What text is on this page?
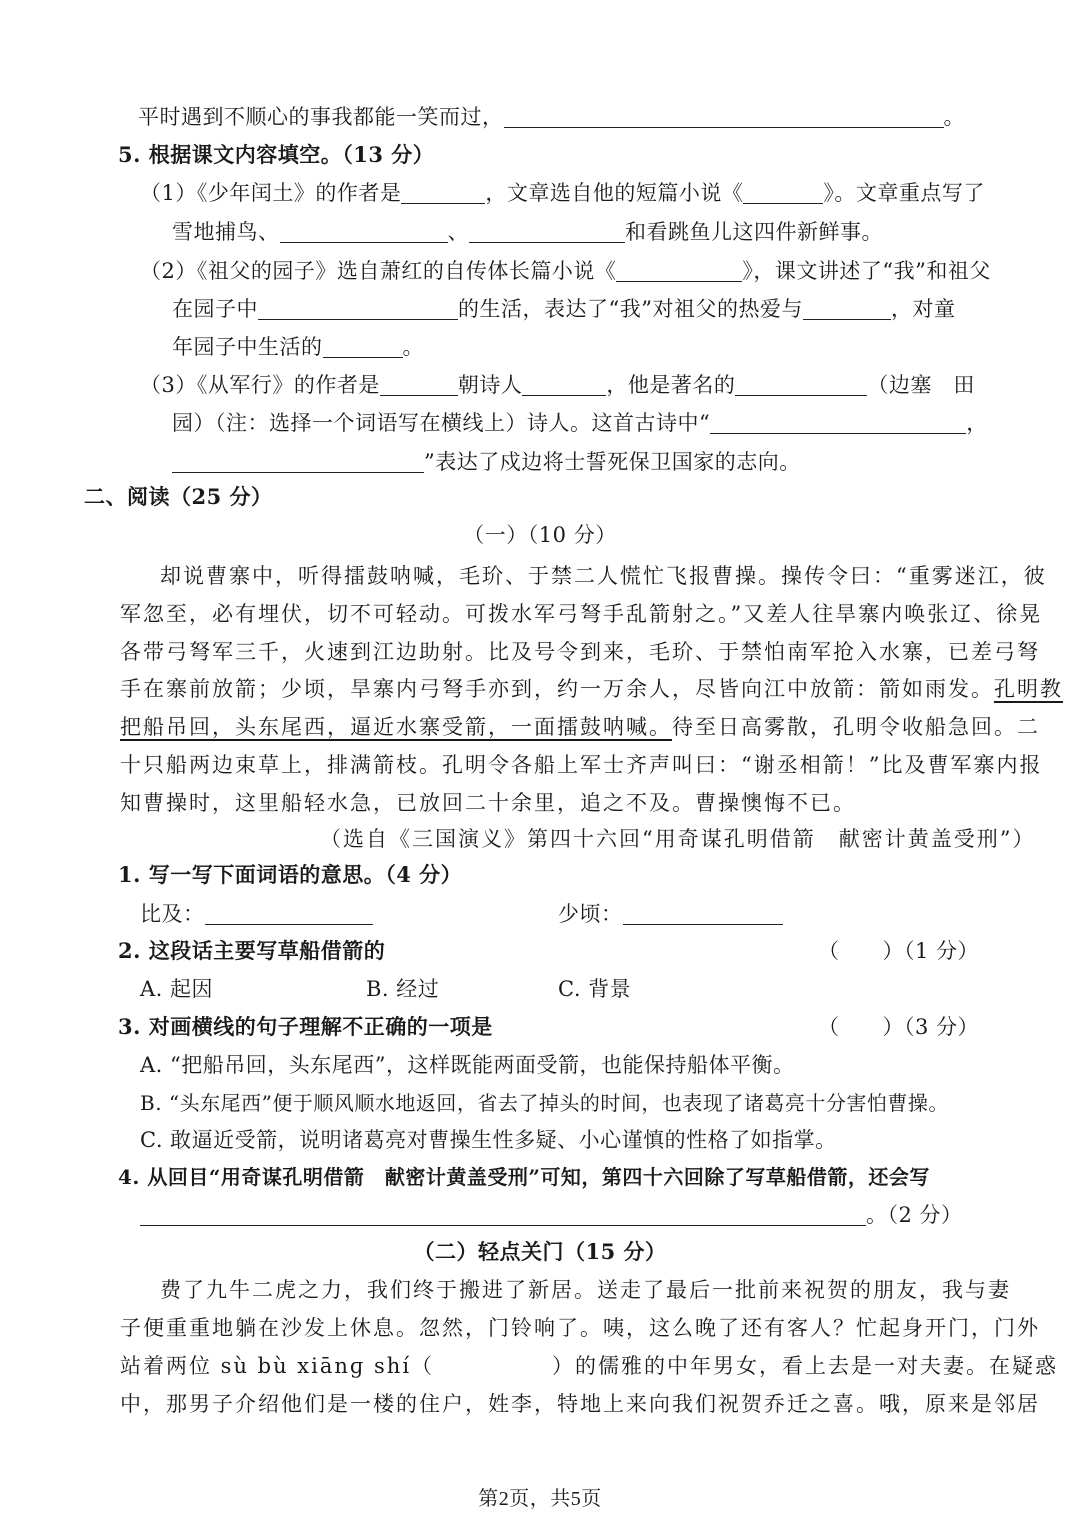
平时遇到不顺心的事我都能一笑而过，	。
5. 根据课文内容填空。（13 分）
（1）《少年闰土》的作者是	，文章选自他的短篇小说《	》。文章重点写了
雪地捕鸟、	、	和看跳鱼儿这四件新鲜事。
（2）《祖父的园子》选自萧红的自传体长篇小说《	》，课文讲述了“我”和祖父
在园子中	的生活，表达了“我”对祖父的热爱与	，对童
年园子中生活的	。
（3）《从军行》的作者是	朝诗人	，他是著名的	（边塞　田
园）（注：选择一个词语写在横线上）诗人。这首古诗中“	，
”表达了戍边将士誓死保卫国家的志向。
二、阅读（25 分）
（一）（10 分）
却说曹寨中，听得擂鼓呐喊，毛玠、于禁二人慌忙飞报曹操。操传令曰：“重雾迷江，彼
军忽至，必有埋伏，切不可轻动。可拨水军弓弩手乱箭射之。”又差人往旱寨内唤张辽、徐晃
各带弓弩军三千，火速到江边助射。比及号令到来，毛玠、于禁怕南军抢入水寨，已差弓弩
手在寨前放箭；少顷，旱寨内弓弩手亦到，约一万余人，尽皆向江中放箭：箭如雨发。孔明教
把船吊回，头东尾西，逼近水寨受箭，一面擂鼓呐喊。待至日高雾散，孔明令收船急回。二
十只船两边束草上，排满箭枝。孔明令各船上军士齐声叫曰：“谢丞相箭！”比及曹军寨内报
知曹操时，这里船轻水急，已放回二十余里，追之不及。曹操懊悔不已。
（选自《三国演义》第四十六回“用奇谋孔明借箭　献密计黄盖受刑”）
1. 写一写下面词语的意思。（4 分）
比及：	少顷：
2. 这段话主要写草船借箭的	（　　）（1 分）
A. 起因	B. 经过	C. 背景
3. 对画横线的句子理解不正确的一项是	（　　）（3 分）
A. “把船吊回，头东尾西”，这样既能两面受箭，也能保持船体平衡。
B. “头东尾西”便于顺风顺水地返回，省去了掉头的时间，也表现了诸葛亮十分害怕曹操。
C. 敢逼近受箭，说明诸葛亮对曹操生性多疑、小心谨慎的性格了如指掌。
4. 从回目“用奇谋孔明借箭　献密计黄盖受刑”可知，第四十六回除了写草船借箭，还会写
。（2 分）
（二）轻点关门（15 分）
费了九牛二虎之力，我们终于搬进了新居。送走了最后一批前来祝贺的朋友，我与妻
子便重重地躺在沙发上休息。忽然，门铃响了。咦，这么晚了还有客人？忙起身开门，门外
站着两位 sù bù xiānɡ shí（	）的儒雅的中年男女，看上去是一对夫妻。在疑惑
中，那男子介绍他们是一楼的住户，姓李，特地上来向我们祝贺乔迁之喜。哦，原来是邻居
第2页，共5页
